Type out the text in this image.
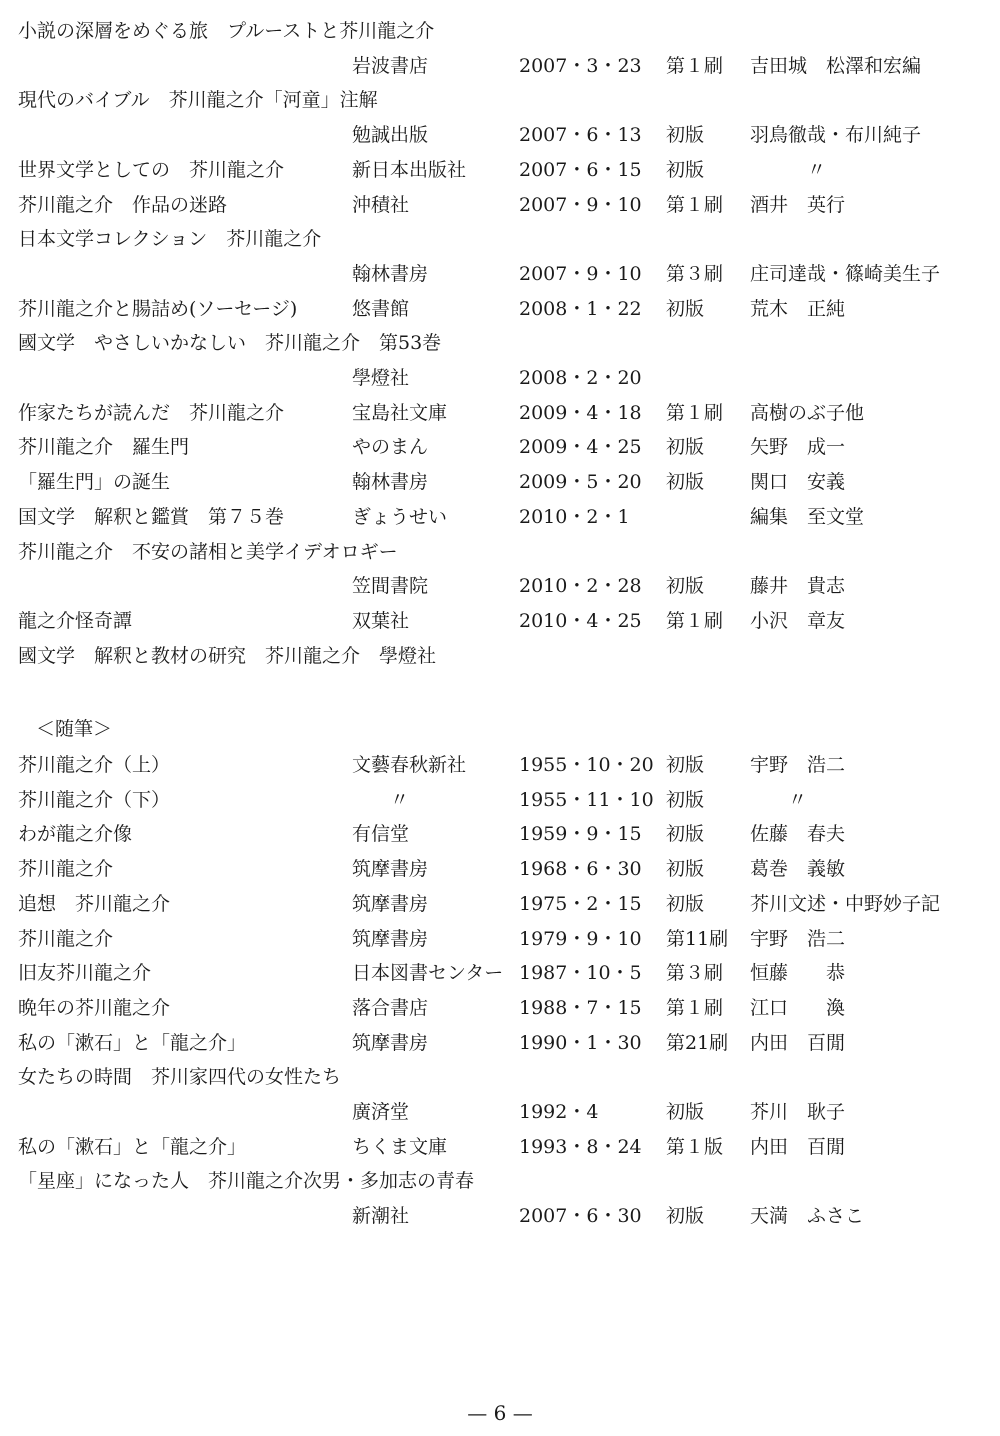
小説の深層をめぐる旅　プルーストと芥川龍之介
岩波書店	2007・3・23 第１刷 吉田城　松澤和宏編
現代のバイブル　芥川龍之介「河童」注解
勉誠出版	2007・6・13 初版 羽鳥徹哉・布川純子
世界文学としての　芥川龍之介	新日本出版社	2007・6・15 初版 　　　〃
芥川龍之介　作品の迷路	沖積社	2007・9・10 第１刷 酒井　英行
日本文学コレクション　芥川龍之介
翰林書房	2007・9・10 第３刷 庄司達哉・篠崎美生子
芥川龍之介と腸詰め(ソーセージ)	悠書館	2008・1・22 初版 荒木　正純
國文学　やさしいかなしい　芥川龍之介　第53巻
學燈社	2008・2・20
作家たちが読んだ　芥川龍之介	宝島社文庫	2009・4・18 第１刷 高樹のぶ子他
芥川龍之介　羅生門	やのまん	2009・4・25 初版 矢野　成一
「羅生門」の誕生	翰林書房	2009・5・20 初版 関口　安義
国文学　解釈と鑑賞　第７５巻	ぎょうせい	2010・2・1	編集　至文堂
芥川龍之介　不安の諸相と美学イデオロギー
笠間書院	2010・2・28 初版 藤井　貴志
龍之介怪奇譚	双葉社	2010・4・25 第１刷 小沢　章友
國文学　解釈と教材の研究　芥川龍之介　學燈社
＜随筆＞
芥川龍之介（上）	文藝春秋新社	1955・10・20 初版 宇野　浩二
芥川龍之介（下）	　　〃	1955・11・10 初版 　　〃
わが龍之介像	有信堂	1959・9・15 初版 佐藤　春夫
芥川龍之介	筑摩書房	1968・6・30 初版 葛巻　義敏
追想　芥川龍之介	筑摩書房	1975・2・15 初版 芥川文述・中野妙子記
芥川龍之介	筑摩書房	1979・9・10 第11刷 宇野　浩二
旧友芥川龍之介	日本図書センター 1987・10・5 第３刷 恒藤　　恭
晩年の芥川龍之介	落合書店	1988・7・15 第１刷 江口　　渙
私の「漱石」と「龍之介」	筑摩書房	1990・1・30 第21刷 内田　百閒
女たちの時間　芥川家四代の女性たち
廣済堂	1992・4	初版 芥川　耿子
私の「漱石」と「龍之介」	ちくま文庫	1993・8・24 第１版 内田　百閒
「星座」になった人　芥川龍之介次男・多加志の青春
新潮社	2007・6・30 初版 天満　ふさこ
— 6 —
